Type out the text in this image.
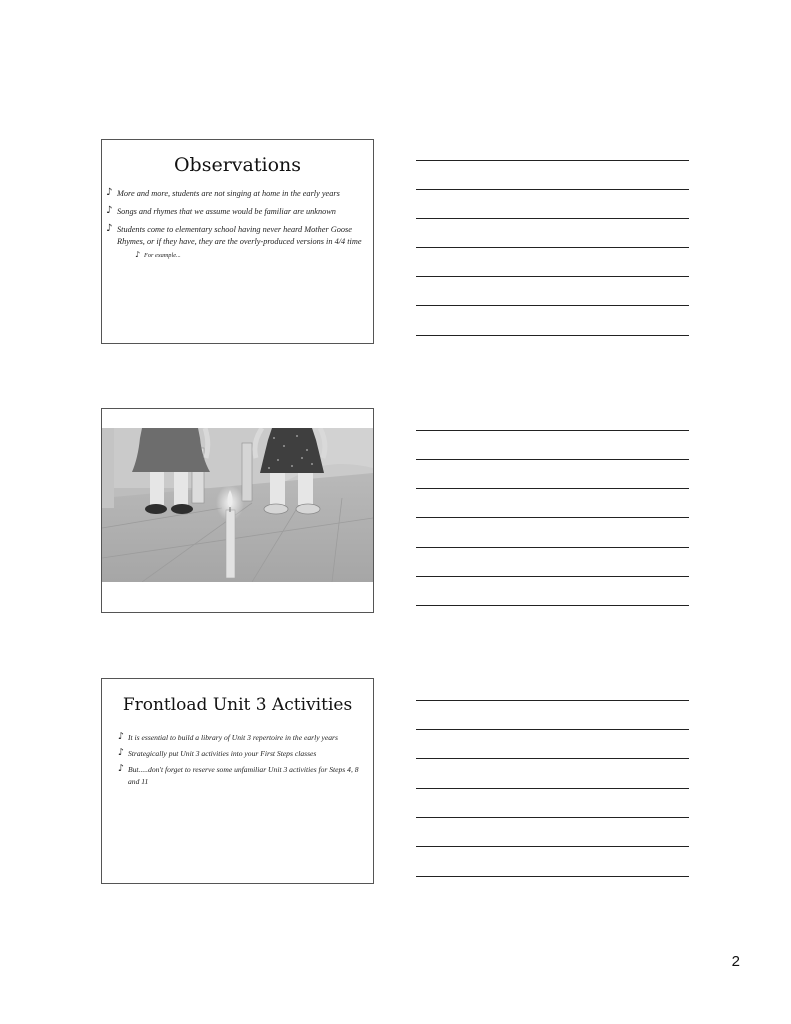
Observations
♪ More and more, students are not singing at home in the early years
♪ Songs and rhymes that we assume would be familiar are unknown
♪ Students come to elementary school having never heard Mother Goose Rhymes, or if they have, they are the overly-produced versions in 4/4 time
♪ For example...
Frontload Unit 3 Activities
♪ It is essential to build a library of Unit 3 repertoire in the early years
♪ Strategically put Unit 3 activities into your First Steps classes
♪ But.....don't forget to reserve some unfamiliar Unit 3 activities for Steps 4, 8 and 11
2
